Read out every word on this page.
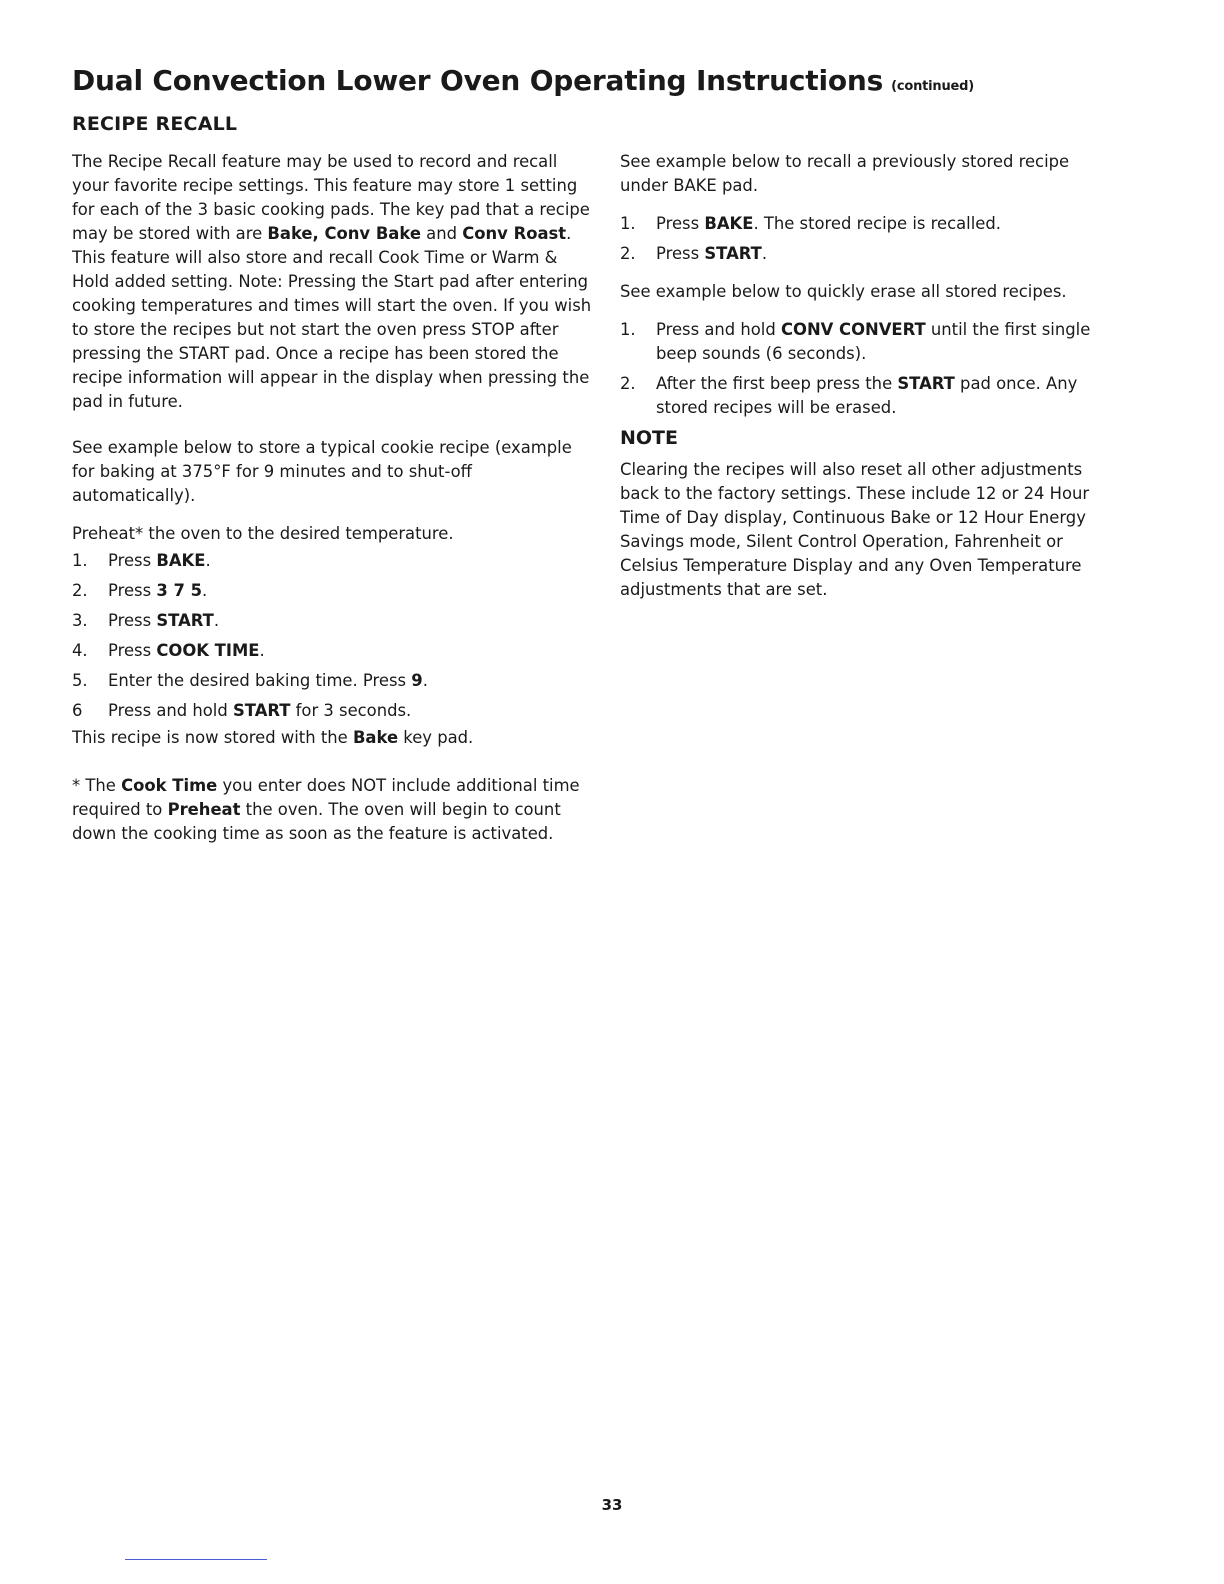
Dual Convection Lower Oven Operating Instructions (continued)
RECIPE RECALL

The Recipe Recall feature may be used to record and recall your favorite recipe settings. This feature may store 1 setting for each of the 3 basic cooking pads. The key pad that a recipe may be stored with are Bake, Conv Bake and Conv Roast. This feature will also store and recall Cook Time or Warm & Hold added setting. Note: Pressing the Start pad after entering cooking temperatures and times will start the oven. If you wish to store the recipes but not start the oven press STOP after pressing the START pad. Once a recipe has been stored the recipe information will appear in the display when pressing the pad in future.

See example below to store a typical cookie recipe (example for baking at 375°F for 9 minutes and to shut-off automatically).

Preheat* the oven to the desired temperature.

1.	Press BAKE.
2.	Press 3 7 5.
3.	Press START.
4.	Press COOK TIME.
5.	Enter the desired baking time. Press 9.
6	Press and hold START for 3 seconds.

This recipe is now stored with the Bake key pad.

* The Cook Time you enter does NOT include additional time required to Preheat the oven. The oven will begin to count down the cooking time as soon as the feature is activated.

See example below to recall a previously stored recipe under BAKE pad.

1.	Press BAKE. The stored recipe is recalled.
2.	Press START.

See example below to quickly erase all stored recipes.

1.	Press and hold CONV CONVERT until the first single beep sounds (6 seconds).
2.	After the first beep press the START pad once. Any stored recipes will be erased.
NOTE

Clearing the recipes will also reset all other adjustments back to the factory settings. These include 12 or 24 Hour Time of Day display, Continuous Bake or 12 Hour Energy Savings mode, Silent Control Operation, Fahrenheit or Celsius Temperature Display and any Oven Temperature adjustments that are set.

33
